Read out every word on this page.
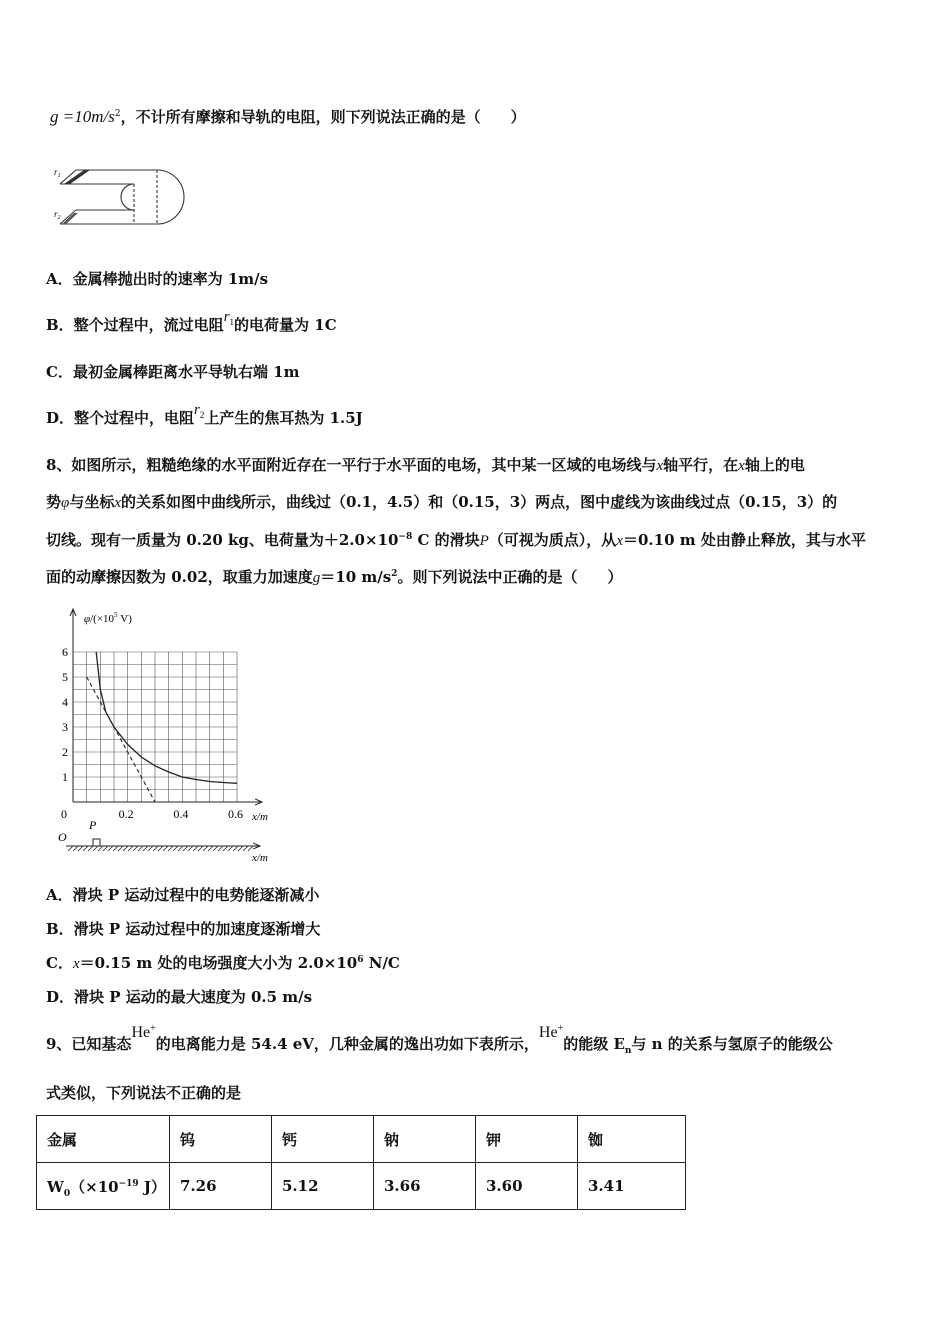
$g =10m/s^2$，不计所有摩擦和导轨的电阻，则下列说法正确的是（　　）
$r_1$
$r_2$
A．金属棒抛出时的速率为 1m/s
B．整个过程中，流过电阻$r_1$的电荷量为 1C
C．最初金属棒距离水平导轨右端 1m
D．整个过程中，电阻$r_2$上产生的焦耳热为 1.5J
8、如图所示，粗糙绝缘的水平面附近存在一平行于水平面的电场，其中某一区域的电场线与x轴平行，在x轴上的电
势φ与坐标x的关系如图中曲线所示，曲线过（0.1，4.5）和（0.15，3）两点，图中虚线为该曲线过点（0.15，3）的
切线。现有一质量为 0.20 kg、电荷量为$+2.0\times 10^{-8}$ C 的滑块P（可视为质点），从x＝0.10 m 处由静止释放，其与水平
面的动摩擦因数为 0.02，取重力加速度g＝10 $m/s^2$。则下列说法中正确的是（　　）
1
2
3
4
5
6
0	0.2	0.4	0.6
$\varphi/(\times 10^5$ V)
x/m
O
P
x/m
A．滑块 P 运动过程中的电势能逐渐减小
B．滑块 P 运动过程中的加速度逐渐增大
C．x＝0.15 m 处的电场强度大小为 $2.0\times 10^6$ N/C
D．滑块 P 运动的最大速度为 0.5 m/s
9、已知基态He+的电离能力是 54.4 eV，几种金属的逸出功如下表所示，He+的能级 $E_n$与 n 的关系与氢原子的能级公
式类似，下列说法不正确的是
金属	钨	钙	钠	钾	铷
$W_0(\times 10^{-19}$ J）	7.26	5.12	3.66	3.60	3.41
